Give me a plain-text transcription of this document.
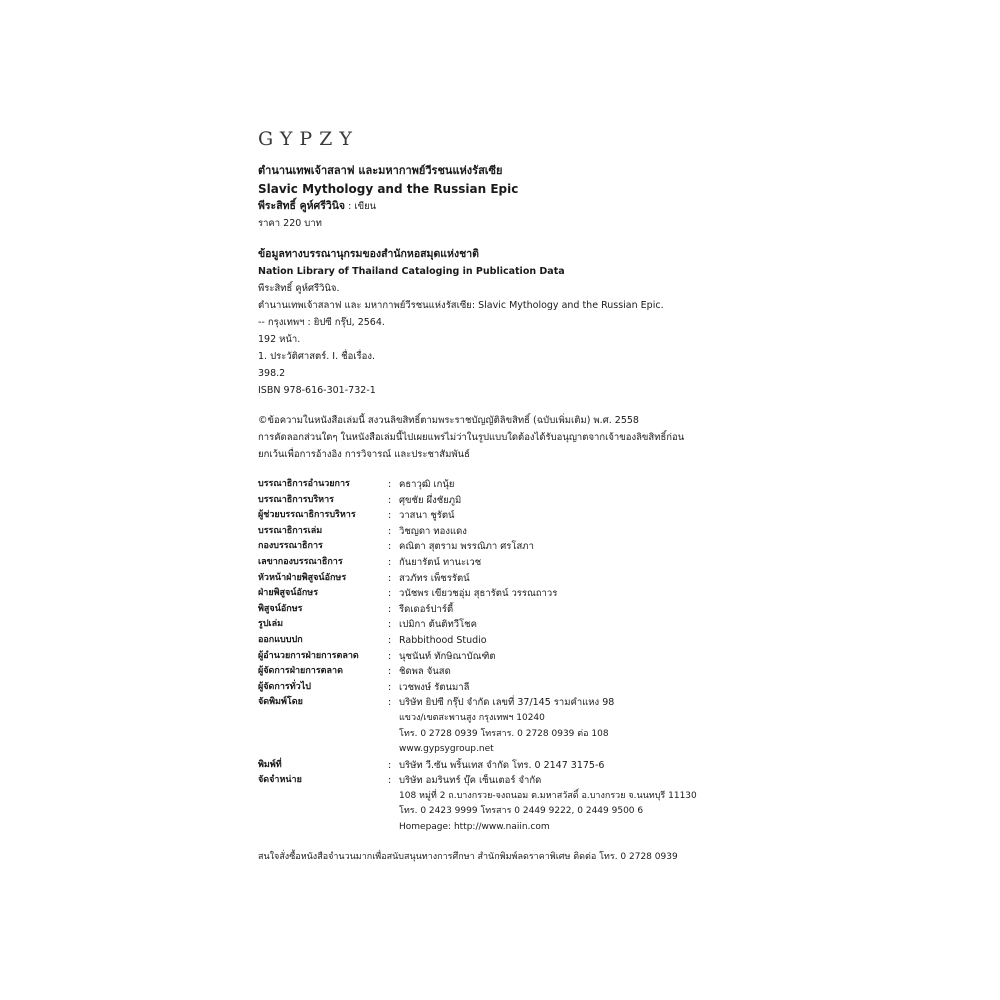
GYPZY
ตำนานเทพเจ้าสลาฟ และมหากาพย์วีรชนแห่งรัสเซีย
Slavic Mythology and the Russian Epic
พีระสิทธิ์ คูห์ศรีวินิจ : เขียน
ราคา 220 บาท
ข้อมูลทางบรรณานุกรมของสำนักหอสมุดแห่งชาติ
Nation Library of Thailand Cataloging in Publication Data
พีระสิทธิ์ คูห์ศรีวินิจ.
ตำนานเทพเจ้าสลาฟ และ มหากาพย์วีรชนแห่งรัสเซีย: Slavic Mythology and the Russian Epic.
-- กรุงเทพฯ : ยิปซี กรุ๊ป, 2564.
192 หน้า.
1. ประวัติศาสตร์. I. ชื่อเรื่อง.
398.2
ISBN 978-616-301-732-1
©ข้อความในหนังสือเล่มนี้ สงวนลิขสิทธิ์ตามพระราชบัญญัติลิขสิทธิ์ (ฉบับเพิ่มเติม) พ.ศ. 2558
การคัดลอกส่วนใดๆ ในหนังสือเล่มนี้ไปเผยแพร่ไม่ว่าในรูปแบบใดต้องได้รับอนุญาตจากเจ้าของลิขสิทธิ์ก่อน
ยกเว้นเพื่อการอ้างอิง การวิจารณ์ และประชาสัมพันธ์
บรรณาธิการอำนวยการ	: คธาวุฒิ เกนุ้ย
บรรณาธิการบริหาร	: ศุขชัย ผึ่งชัยภูมิ
ผู้ช่วยบรรณาธิการบริหาร	: วาสนา ชูรัตน์
บรรณาธิการเล่ม	: วิชญดา ทองแดง
กองบรรณาธิการ	: คณิตา สุตราม พรรณิภา ศรโสภา
เลขากองบรรณาธิการ	: กันยารัตน์ ทานะเวช
หัวหน้าฝ่ายพิสูจน์อักษร	: สวภัทร เพ็ชรรัตน์
ฝ่ายพิสูจน์อักษร	: วนัชพร เขียวชอุ่ม สุธารัตน์ วรรณถาวร
พิสูจน์อักษร	: รีดเดอร์ปาร์ตี้
รูปเล่ม	: เปมิกา ต้นติทวีโชค
ออกแบบปก	: Rabbithood Studio
ผู้อำนวยการฝ่ายการตลาด	: นุชนันท์ ทักษิณาบัณฑิต
ผู้จัดการฝ่ายการตลาด	: ชิดพล จันสด
ผู้จัดการทั่วไป	: เวชพงษ์ รัตนมาลี
จัดพิมพ์โดย	: บริษัท ยิปซี กรุ๊ป จำกัด เลขที่ 37/145 รามคำแหง 98
แขวง/เขตสะพานสูง กรุงเทพฯ 10240
โทร. 0 2728 0939 โทรสาร. 0 2728 0939 ต่อ 108
www.gypsygroup.net
พิมพ์ที่	: บริษัท วี.ซัน พริ้นเทส จำกัด โทร. 0 2147 3175-6
จัดจำหน่าย	: บริษัท อมรินทร์ บุ๊ค เซ็นเตอร์ จำกัด
108 หมู่ที่ 2 ถ.บางกรวย-จงถนอม ต.มหาสวัสดิ์ อ.บางกรวย จ.นนทบุรี 11130
โทร. 0 2423 9999 โทรสาร 0 2449 9222, 0 2449 9500 6
Homepage: http://www.naiin.com
สนใจสั่งซื้อหนังสือจำนวนมากเพื่อสนับสนุนทางการศึกษา สำนักพิมพ์ลดราคาพิเศษ ติดต่อ โทร. 0 2728 0939
